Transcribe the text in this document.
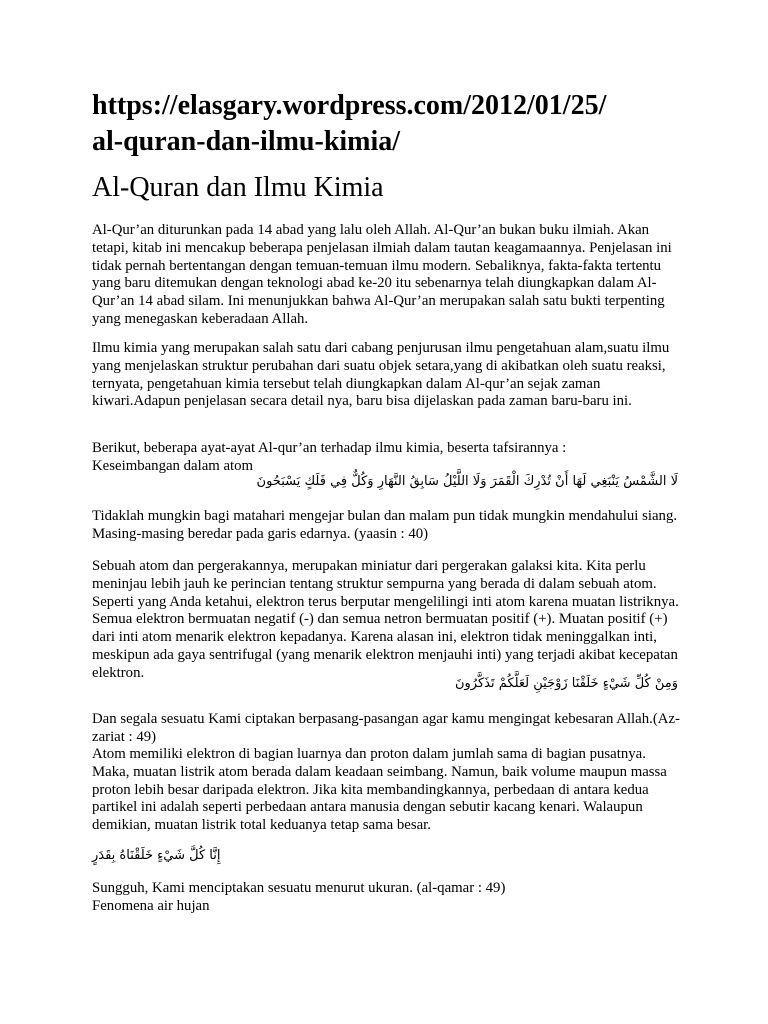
https://elasgary.wordpress.com/2012/01/25/
al-quran-dan-ilmu-kimia/
Al-Quran dan Ilmu Kimia

Al-Qur’an diturunkan pada 14 abad yang lalu oleh Allah. Al-Qur’an bukan buku ilmiah. Akan tetapi, kitab ini mencakup beberapa penjelasan ilmiah dalam tautan keagamaannya. Penjelasan ini tidak pernah bertentangan dengan temuan-temuan ilmu modern. Sebaliknya, fakta-fakta tertentu yang baru ditemukan dengan teknologi abad ke-20 itu sebenarnya telah diungkapkan dalam Al-Qur’an 14 abad silam. Ini menunjukkan bahwa Al-Qur’an merupakan salah satu bukti terpenting yang menegaskan keberadaan Allah.

Ilmu kimia yang merupakan salah satu dari cabang penjurusan ilmu pengetahuan alam,suatu ilmu yang menjelaskan struktur perubahan dari suatu objek setara,yang di akibatkan oleh suatu reaksi, ternyata, pengetahuan kimia tersebut telah diungkapkan dalam Al-qur’an sejak zaman kiwari.Adapun penjelasan secara detail nya, baru bisa dijelaskan pada zaman baru-baru ini.

Berikut, beberapa ayat-ayat Al-qur’an terhadap ilmu kimia, beserta tafsirannya :
Keseimbangan dalam atom

لَا الشَّمْسُ يَنْبَغِي لَهَا أَنْ تُدْرِكَ الْقَمَرَ وَلَا اللَّيْلُ سَابِقُ النَّهَارِ وَكُلٌّ فِي فَلَكٍ يَسْبَحُونَ

Tidaklah mungkin bagi matahari mengejar bulan dan malam pun tidak mungkin mendahului siang. Masing-masing beredar pada garis edarnya. (yaasin : 40)

Sebuah atom dan pergerakannya, merupakan miniatur dari pergerakan galaksi kita. Kita perlu meninjau lebih jauh ke perincian tentang struktur sempurna yang berada di dalam sebuah atom. Seperti yang Anda ketahui, elektron terus berputar mengelilingi inti atom karena muatan listriknya. Semua elektron bermuatan negatif (-) dan semua netron bermuatan positif (+). Muatan positif (+) dari inti atom menarik elektron kepadanya. Karena alasan ini, elektron tidak meninggalkan inti, meskipun ada gaya sentrifugal (yang menarik elektron menjauhi inti) yang terjadi akibat kecepatan elektron.

وَمِنْ كُلِّ شَيْءٍ خَلَقْنَا زَوْجَيْنِ لَعَلَّكُمْ تَذَكَّرُونَ

Dan segala sesuatu Kami ciptakan berpasang-pasangan agar kamu mengingat kebesaran Allah.(Az-zariat : 49)

Atom memiliki elektron di bagian luarnya dan proton dalam jumlah sama di bagian pusatnya. Maka, muatan listrik atom berada dalam keadaan seimbang. Namun, baik volume maupun massa proton lebih besar daripada elektron. Jika kita membandingkannya, perbedaan di antara kedua partikel ini adalah seperti perbedaan antara manusia dengan sebutir kacang kenari. Walaupun demikian, muatan listrik total keduanya tetap sama besar.

إِنَّا كُلَّ شَيْءٍ خَلَقْنَاهُ بِقَدَرٍ

Sungguh, Kami menciptakan sesuatu menurut ukuran. (al-qamar : 49)

Fenomena air hujan
